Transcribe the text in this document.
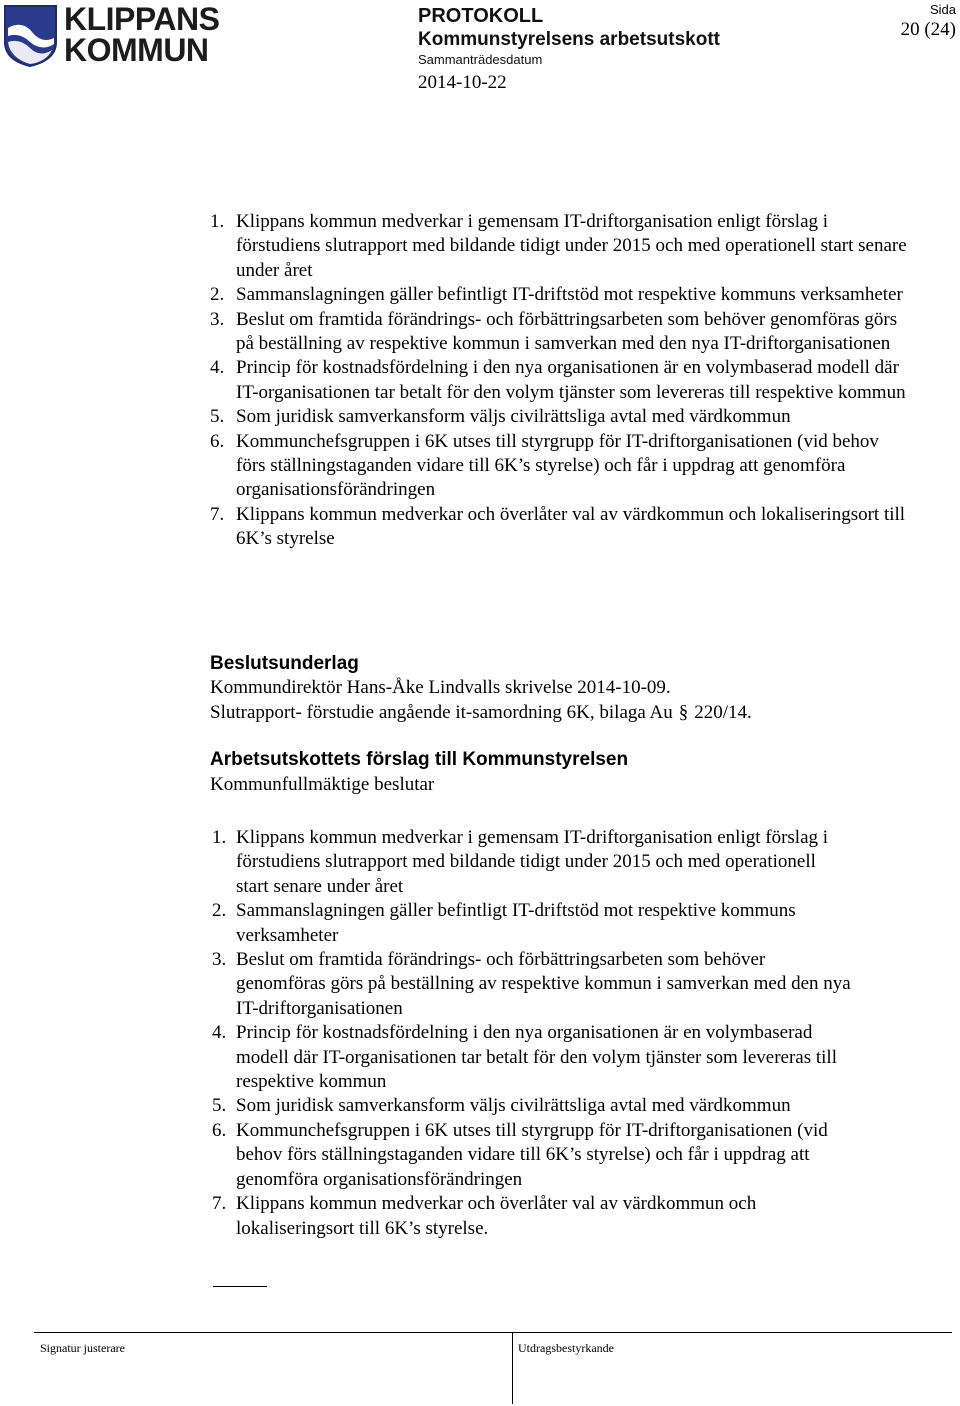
KLIPPANS
KOMMUN
PROTOKOLL
Kommunstyrelsens arbetsutskott
Sammanträdesdatum
2014-10-22
Sida
20 (24)
1. Klippans kommun medverkar i gemensam IT-driftorganisation enligt förslag i förstudiens slutrapport med bildande tidigt under 2015 och med operationell start senare under året
2. Sammanslagningen gäller befintligt IT-driftstöd mot respektive kommuns verksamheter
3. Beslut om framtida förändrings- och förbättringsarbeten som behöver genomföras görs på beställning av respektive kommun i samverkan med den nya IT-driftorganisationen
4. Princip för kostnadsfördelning i den nya organisationen är en volymbaserad modell där IT-organisationen tar betalt för den volym tjänster som levereras till respektive kommun
5. Som juridisk samverkansform väljs civilrättsliga avtal med värdkommun
6. Kommunchefsgruppen i 6K utses till styrgrupp för IT-driftorganisationen (vid behov förs ställningstaganden vidare till 6K’s styrelse) och får i uppdrag att genomföra organisationsförändringen
7. Klippans kommun medverkar och överlåter val av värdkommun och lokaliseringsort till 6K’s styrelse
Beslutsunderlag
Kommundirektör Hans-Åke Lindvalls skrivelse 2014-10-09.
Slutrapport- förstudie angående it-samordning 6K, bilaga Au § 220/14.
Arbetsutskottets förslag till Kommunstyrelsen
Kommunfullmäktige beslutar
1. Klippans kommun medverkar i gemensam IT-driftorganisation enligt förslag i förstudiens slutrapport med bildande tidigt under 2015 och med operationell start senare under året
2. Sammanslagningen gäller befintligt IT-driftstöd mot respektive kommuns verksamheter
3. Beslut om framtida förändrings- och förbättringsarbeten som behöver genomföras görs på beställning av respektive kommun i samverkan med den nya IT-driftorganisationen
4. Princip för kostnadsfördelning i den nya organisationen är en volymbaserad modell där IT-organisationen tar betalt för den volym tjänster som levereras till respektive kommun
5. Som juridisk samverkansform väljs civilrättsliga avtal med värdkommun
6. Kommunchefsgruppen i 6K utses till styrgrupp för IT-driftorganisationen (vid behov förs ställningstaganden vidare till 6K’s styrelse) och får i uppdrag att genomföra organisationsförändringen
7. Klippans kommun medverkar och överlåter val av värdkommun och lokaliseringsort till 6K’s styrelse.
Signatur justerare	Utdragsbestyrkande
